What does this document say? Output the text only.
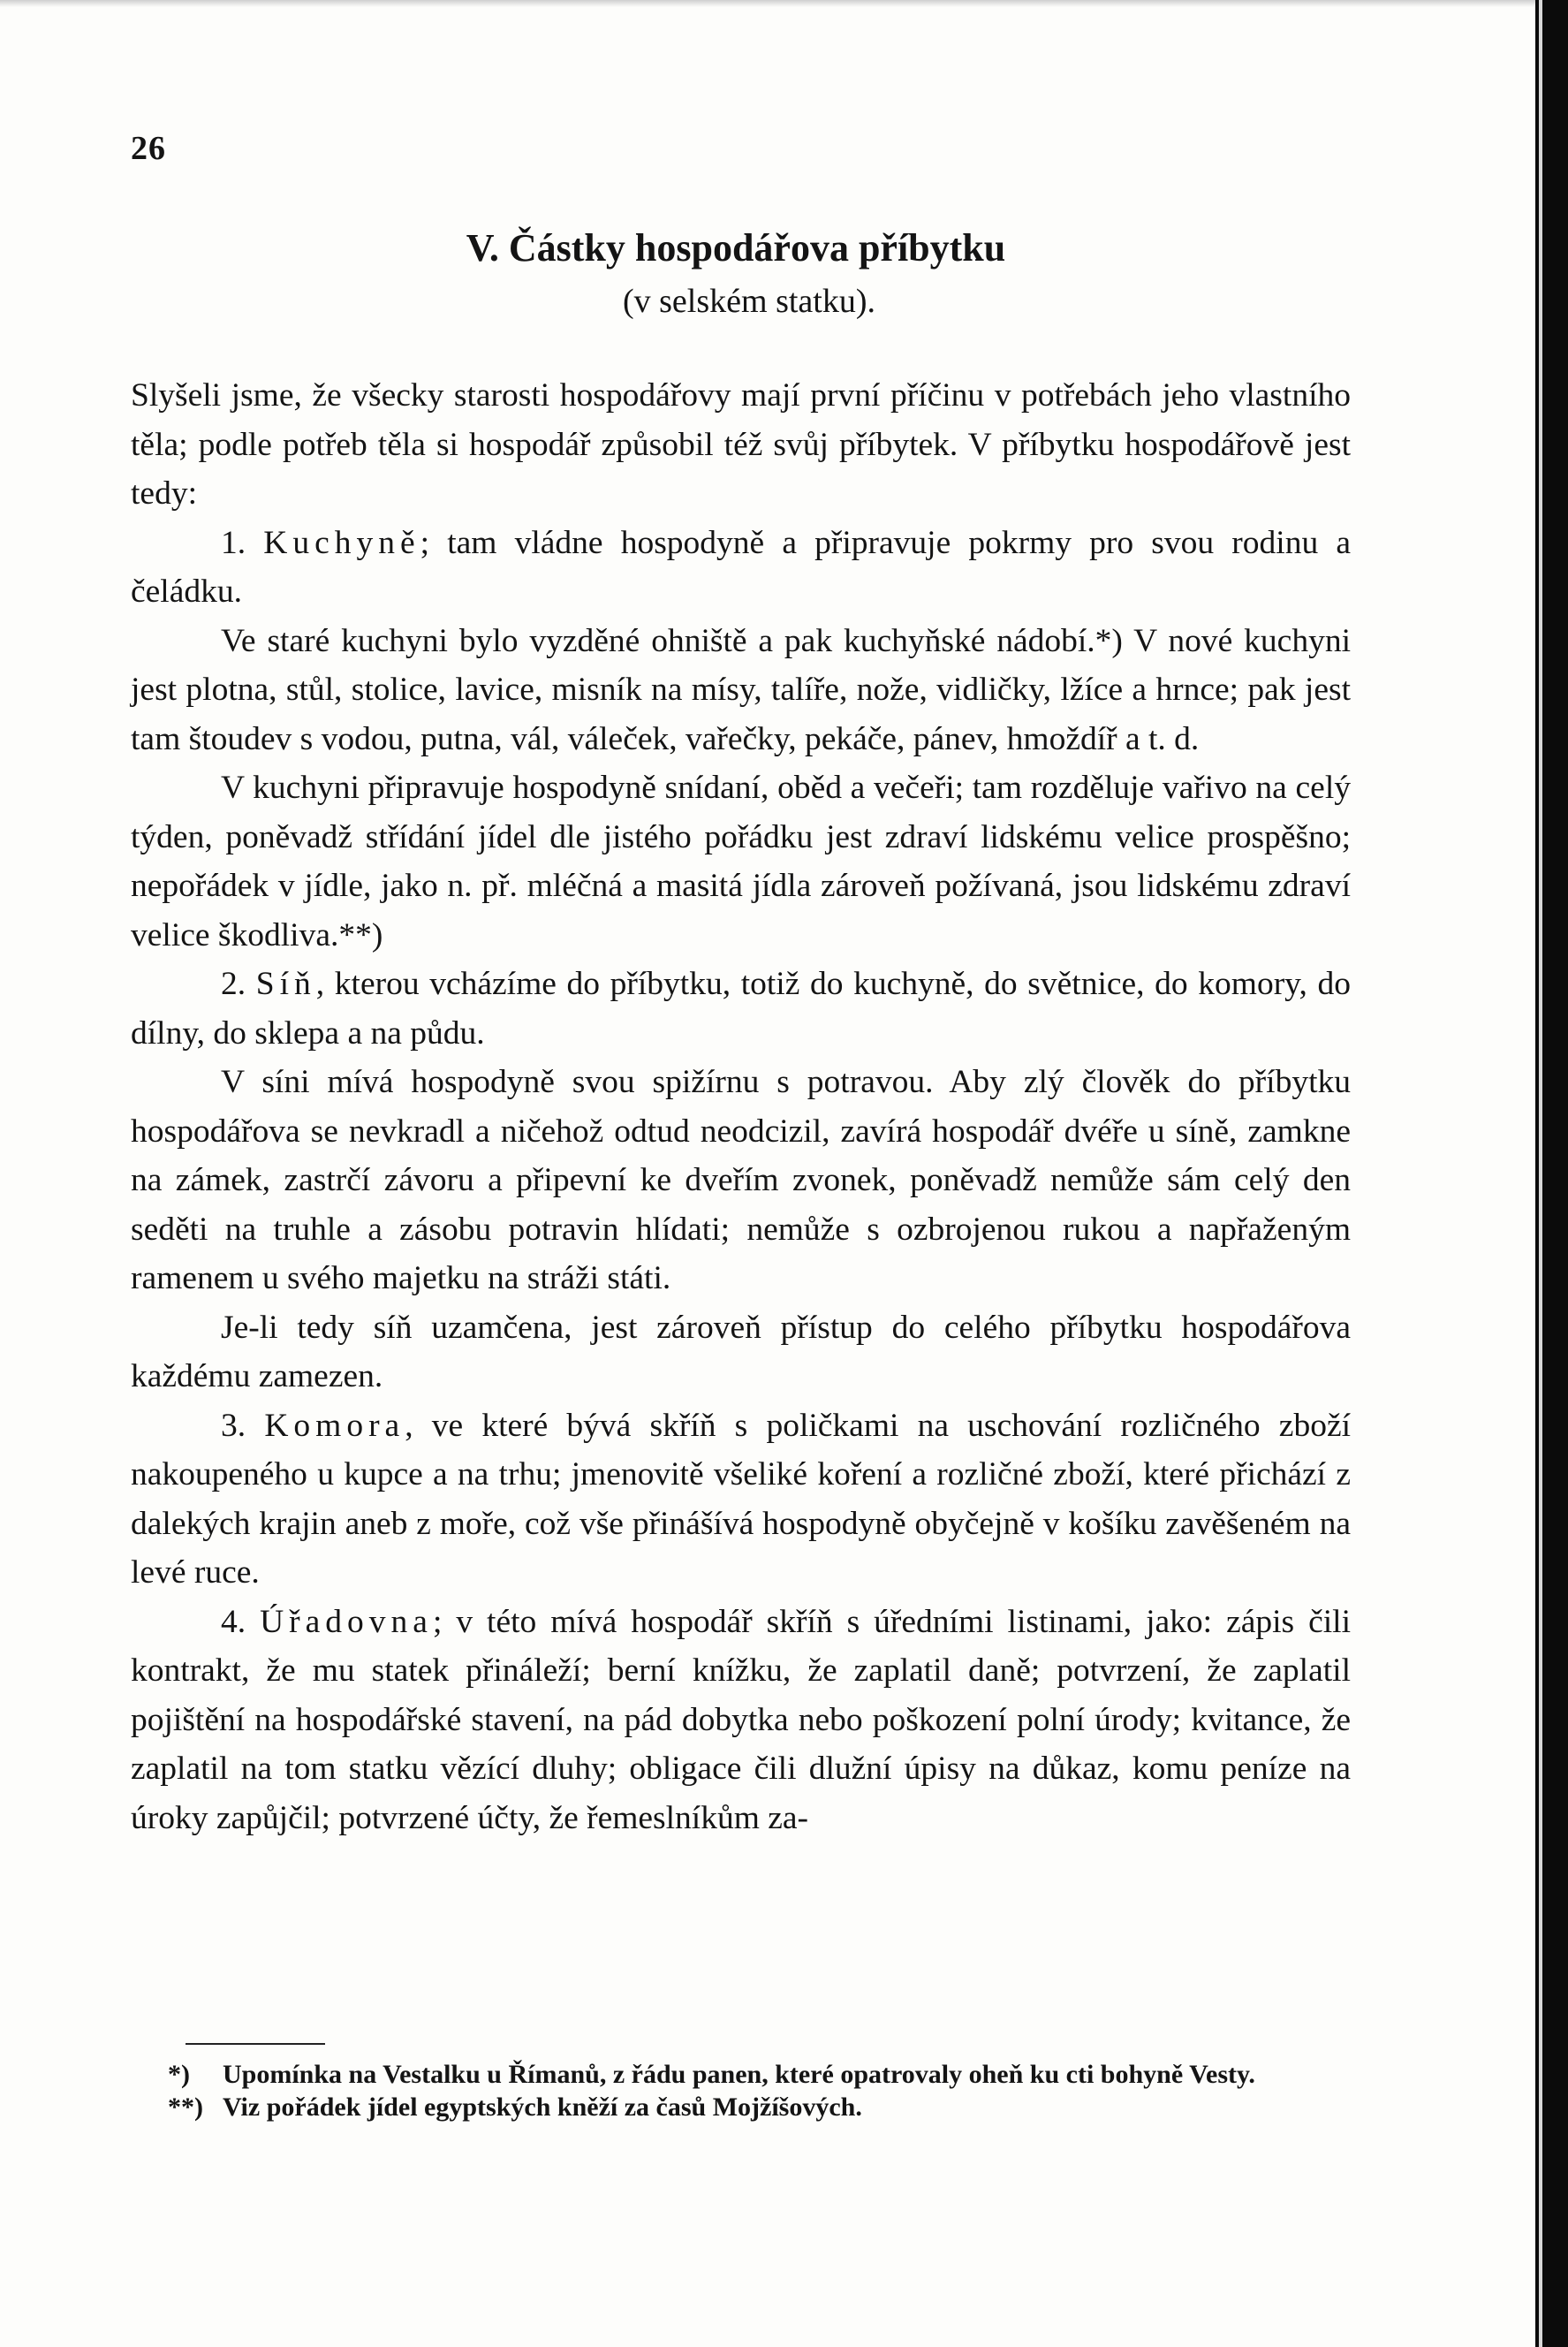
26
V. Částky hospodářova příbytku
(v selském statku).

Slyšeli jsme, že všecky starosti hospodářovy mají první příčinu v potřebách jeho vlastního těla; podle potřeb těla si hospodář způsobil též svůj příbytek. V příbytku hospodářově jest tedy:

1. Kuchyně; tam vládne hospodyně a připravuje pokrmy pro svou rodinu a čeládku.

Ve staré kuchyni bylo vyzděné ohniště a pak kuchyňské nádobí.*) V nové kuchyni jest plotna, stůl, stolice, lavice, misník na mísy, talíře, nože, vidličky, lžíce a hrnce; pak jest tam štoudev s vodou, putna, vál, váleček, vařečky, pekáče, pánev, hmoždíř a t. d.

V kuchyni připravuje hospodyně snídaní, oběd a večeři; tam rozděluje vařivo na celý týden, poněvadž střídání jídel dle jistého pořádku jest zdraví lidskému velice prospěšno; nepořádek v jídle, jako n. př. mléčná a masitá jídla zároveň požívaná, jsou lidskému zdraví velice škodliva.**)

2. Síň, kterou vcházíme do příbytku, totiž do kuchyně, do světnice, do komory, do dílny, do sklepa a na půdu.

V síni mívá hospodyně svou spižírnu s potravou. Aby zlý člověk do příbytku hospodářova se nevkradl a ničehož odtud neodcizil, zavírá hospodář dvéře u síně, zamkne na zámek, zastrčí závoru a připevní ke dveřím zvonek, poněvadž nemůže sám celý den seděti na truhle a zásobu potravin hlídati; nemůže s ozbrojenou rukou a napřaženým ramenem u svého majetku na stráži státi.

Je-li tedy síň uzamčena, jest zároveň přístup do celého příbytku hospodářova každému zamezen.

3. Komora, ve které bývá skříň s poličkami na uschování rozličného zboží nakoupeného u kupce a na trhu; jmenovitě všeliké koření a rozličné zboží, které přichází z dalekých krajin aneb z moře, což vše přinášívá hospodyně obyčejně v košíku zavěšeném na levé ruce.

4. Úřadovna; v této mívá hospodář skříň s úředními listinami, jako: zápis čili kontrakt, že mu statek přináleží; berní knížku, že zaplatil daně; potvrzení, že zaplatil pojištění na hospodářské stavení, na pád dobytka nebo poškození polní úrody; kvitance, že zaplatil na tom statku vězící dluhy; obligace čili dlužní úpisy na důkaz, komu peníze na úroky zapůjčil; potvrzené účty, že řemeslníkům za-

*) Upomínka na Vestalku u Římanů, z řádu panen, které opatrovaly oheň ku cti bohyně Vesty.

**) Viz pořádek jídel egyptských kněží za časů Mojžíšových.
